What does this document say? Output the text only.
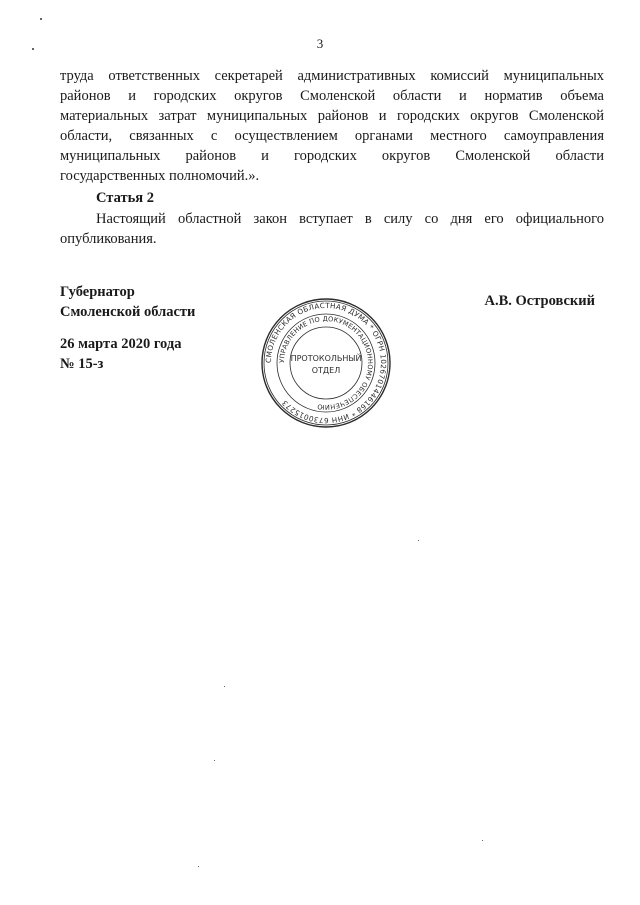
3
труда ответственных секретарей административных комиссий муниципальных
районов и городских округов Смоленской области и норматив объема
материальных затрат муниципальных районов и городских округов Смоленской
области, связанных с осуществлением органами местного самоуправления
муниципальных районов и городских округов Смоленской области
государственных полномочий.».
Статья 2
Настоящий областной закон вступает в силу со дня его официального
опубликования.
Губернатор
Смоленской области
А.В. Островский
26 марта 2020 года
№ 15-з	СМОЛЕНСКАЯ ОБЛАСТНАЯ ДУМА * ОГРН 1026701446168 * ИНН 6730015273
УПРАВЛЕНИЕ ПО ДОКУМЕНТАЦИОННОМУ ОБЕСПЕЧЕНИЮ
ПРОТОКОЛЬНЫЙ
ОТДЕЛ
